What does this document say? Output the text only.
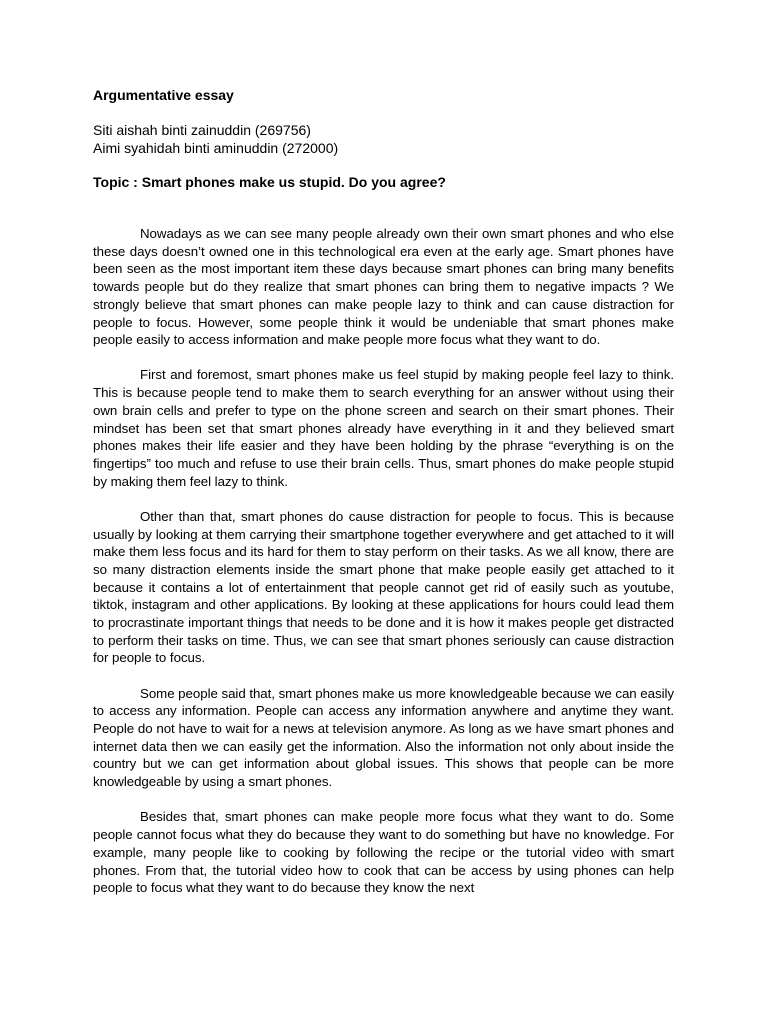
Argumentative essay
Siti aishah binti zainuddin (269756)
Aimi syahidah binti aminuddin (272000)
Topic : Smart phones make us stupid. Do you agree?

Nowadays as we can see many people already own their own smart phones and who else these days doesn’t owned one in this technological era even at the early age. Smart phones have been seen as the most important item these days because smart phones can bring many benefits towards people but do they realize that smart phones can bring them to negative impacts ? We strongly believe that smart phones can make people lazy to think and can cause distraction for people to focus. However, some people think it would be undeniable that smart phones make people easily to access information and make people more focus what they want to do.

First and foremost, smart phones make us feel stupid by making people feel lazy to think. This is because people tend to make them to search everything for an answer without using their own brain cells and prefer to type on the phone screen and search on their smart phones. Their mindset has been set that smart phones already have everything in it and they believed smart phones makes their life easier and they have been holding by the phrase “everything is on the fingertips” too much and refuse to use their brain cells. Thus, smart phones do make people stupid by making them feel lazy to think.

Other than that, smart phones do cause distraction for people to focus. This is because usually by looking at them carrying their smartphone together everywhere and get attached to it will make them less focus and its hard for them to stay perform on their tasks. As we all know, there are so many distraction elements inside the smart phone that make people easily get attached to it because it contains a lot of entertainment that people cannot get rid of easily such as youtube, tiktok, instagram and other applications. By looking at these applications for hours could lead them to procrastinate important things that needs to be done and it is how it makes people get distracted to perform their tasks on time. Thus, we can see that smart phones seriously can cause distraction for people to focus.

Some people said that, smart phones make us more knowledgeable because we can easily to access any information. People can access any information anywhere and anytime they want. People do not have to wait for a news at television anymore. As long as we have smart phones and internet data then we can easily get the information. Also the information not only about inside the country but we can get information about global issues. This shows that people can be more knowledgeable by using a smart phones.

Besides that, smart phones can make people more focus what they want to do. Some people cannot focus what they do because they want to do something but have no knowledge. For example, many people like to cooking by following the recipe or the tutorial video with smart phones. From that, the tutorial video how to cook that can be access by using phones can help people to focus what they want to do because they know the next
